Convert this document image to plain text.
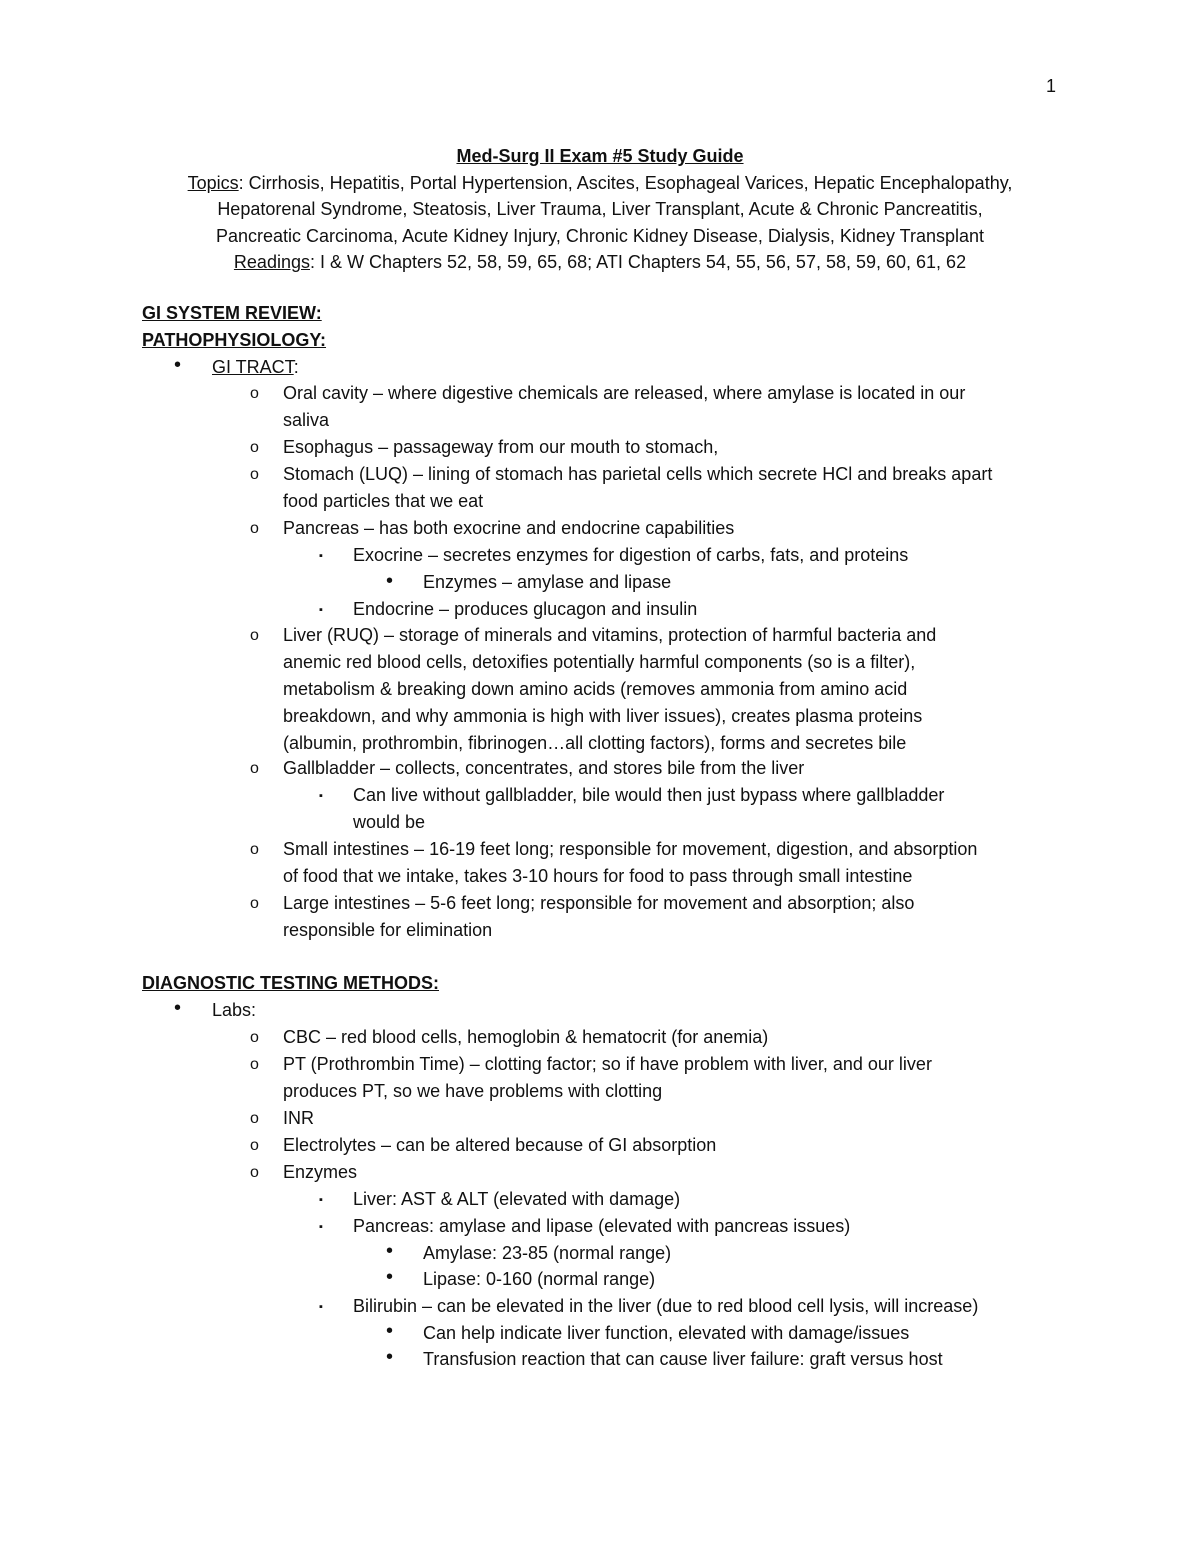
1
Med-Surg II Exam #5 Study Guide
Topics: Cirrhosis, Hepatitis, Portal Hypertension, Ascites, Esophageal Varices, Hepatic Encephalopathy,
Hepatorenal Syndrome, Steatosis, Liver Trauma, Liver Transplant, Acute & Chronic Pancreatitis,
Pancreatic Carcinoma, Acute Kidney Injury, Chronic Kidney Disease, Dialysis, Kidney Transplant
Readings: I & W Chapters 52, 58, 59, 65, 68; ATI Chapters 54, 55, 56, 57, 58, 59, 60, 61, 62
GI SYSTEM REVIEW:
PATHOPHYSIOLOGY:
• GI TRACT:
o Oral cavity – where digestive chemicals are released, where amylase is located in our
saliva
o Esophagus – passageway from our mouth to stomach,
o Stomach (LUQ) – lining of stomach has parietal cells which secrete HCl and breaks apart
food particles that we eat
o Pancreas – has both exocrine and endocrine capabilities
▪ Exocrine – secretes enzymes for digestion of carbs, fats, and proteins
• Enzymes – amylase and lipase
▪ Endocrine – produces glucagon and insulin
o Liver (RUQ) – storage of minerals and vitamins, protection of harmful bacteria and
anemic red blood cells, detoxifies potentially harmful components (so is a filter),
metabolism & breaking down amino acids (removes ammonia from amino acid
breakdown, and why ammonia is high with liver issues), creates plasma proteins
(albumin, prothrombin, fibrinogen…all clotting factors), forms and secretes bile
o Gallbladder – collects, concentrates, and stores bile from the liver
▪ Can live without gallbladder, bile would then just bypass where gallbladder
would be
o Small intestines – 16-19 feet long; responsible for movement, digestion, and absorption
of food that we intake, takes 3-10 hours for food to pass through small intestine
o Large intestines – 5-6 feet long; responsible for movement and absorption; also
responsible for elimination
DIAGNOSTIC TESTING METHODS:
• Labs:
o CBC – red blood cells, hemoglobin & hematocrit (for anemia)
o PT (Prothrombin Time) – clotting factor; so if have problem with liver, and our liver
produces PT, so we have problems with clotting
o INR
o Electrolytes – can be altered because of GI absorption
o Enzymes
▪ Liver: AST & ALT (elevated with damage)
▪ Pancreas: amylase and lipase (elevated with pancreas issues)
• Amylase: 23-85 (normal range)
• Lipase: 0-160 (normal range)
▪ Bilirubin – can be elevated in the liver (due to red blood cell lysis, will increase)
• Can help indicate liver function, elevated with damage/issues
• Transfusion reaction that can cause liver failure: graft versus host
